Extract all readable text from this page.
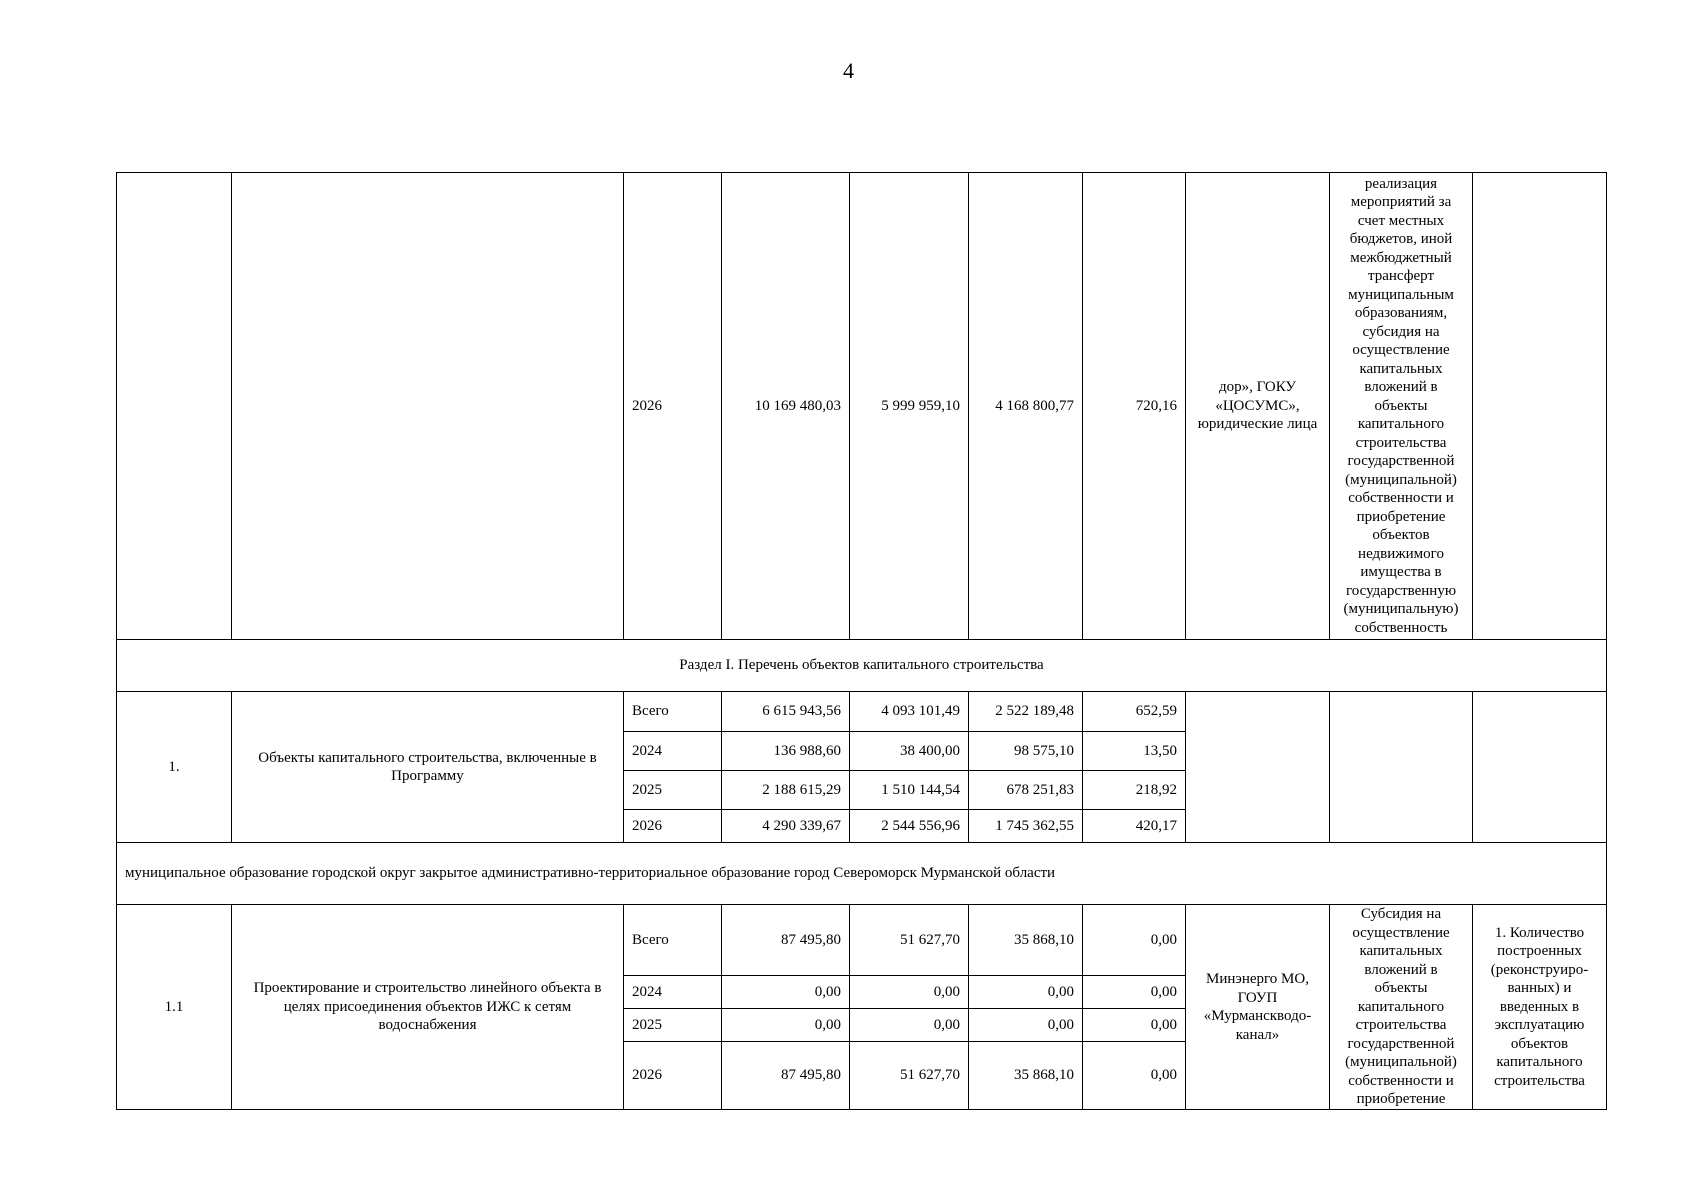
4
		2026	10 169 480,03	5 999 959,10	4 168 800,77	720,16	дор», ГОКУ «ЦОСУМС», юридические лица	реализация мероприятий за счет местных бюджетов, иной межбюджетный трансферт муниципальным образованиям, субсидия на осуществление капитальных вложений в объекты капитального строительства государственной (муниципальной) собственности и приобретение объектов недвижимого имущества в государственную (муниципальную) собственность	
Раздел I. Перечень объектов капитального строительства									
1.	Объекты капитального строительства, включенные в Программу	Всего	6 615 943,56	4 093 101,49	2 522 189,48	652,59			
		2024	136 988,60	38 400,00	98 575,10	13,50			
		2025	2 188 615,29	1 510 144,54	678 251,83	218,92			
		2026	4 290 339,67	2 544 556,96	1 745 362,55	420,17			
муниципальное образование городской округ закрытое административно-территориальное образование город Североморск Мурманской области									
1.1	Проектирование и строительство линейного объекта в целях присоединения объектов ИЖС к сетям водоснабжения	Всего	87 495,80	51 627,70	35 868,10	0,00	Минэнерго МО, ГОУП «Мурманскводо-канал»	Субсидия на осуществление капитальных вложений в объекты капитального строительства государственной (муниципальной) собственности и приобретение	1. Количество построенных (реконструиро-ванных) и введенных в эксплуатацию объектов капитального строительства
		2024	0,00	0,00	0,00	0,00			
		2025	0,00	0,00	0,00	0,00			
		2026	87 495,80	51 627,70	35 868,10	0,00			
